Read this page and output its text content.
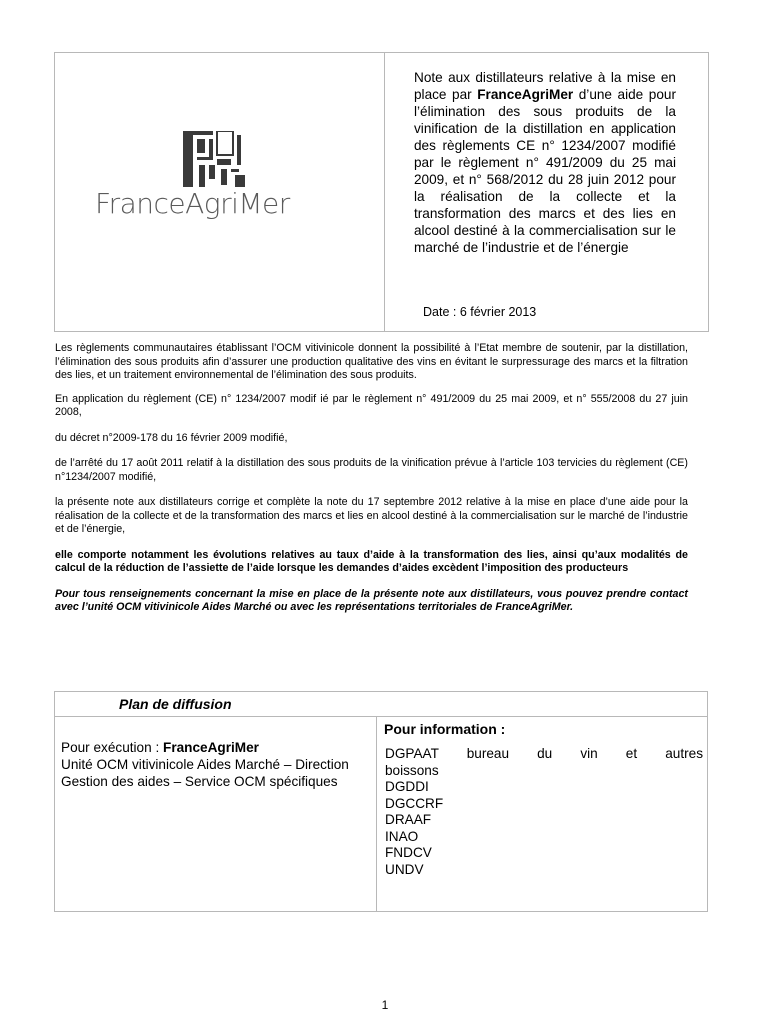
FranceAgriMer
Note aux distillateurs relative à la mise en place par FranceAgriMer d’une aide pour l’élimination des sous produits de la vinification de la distillation en application des règlements CE n° 1234/2007 modifié par le règlement n° 491/2009 du 25 mai 2009, et n° 568/2012 du 28 juin 2012 pour la réalisation de la collecte et la transformation des marcs et des lies en alcool destiné à la commercialisation sur le marché de l’industrie et de l’énergie
Date : 6 février 2013

Les règlements communautaires établissant l’OCM vitivinicole donnent la possibilité à l’Etat membre de soutenir, par la distillation, l’élimination des sous produits afin d’assurer une production qualitative des vins en évitant le surpressurage des marcs et la filtration des lies, et un traitement environnemental de l’élimination des sous produits.

En application du règlement (CE) n° 1234/2007 modif ié par le règlement n° 491/2009 du 25 mai 2009, et n° 555/2008 du 27 juin 2008,

du décret n°2009-178 du 16 février 2009 modifié,

de l’arrêté du 17 août 2011 relatif à la distillation des sous produits de la vinification prévue à l’article 103 tervicies du règlement (CE) n°1234/2007 modifié,

la présente note aux distillateurs corrige et complète la note du 17 septembre 2012 relative à la mise en place d’une aide pour la réalisation de la collecte et de la transformation des marcs et lies en alcool destiné à la commercialisation sur le marché de l’industrie et de l’énergie,

elle comporte notamment les évolutions relatives au taux d’aide à la transformation des lies, ainsi qu’aux modalités de calcul de la réduction de l’assiette de l’aide lorsque les demandes d’aides excèdent l’imposition des producteurs

Pour tous renseignements concernant la mise en place de la présente note aux distillateurs, vous pouvez prendre contact avec l’unité OCM vitivinicole Aides Marché ou avec les représentations territoriales de FranceAgriMer.

Plan de diffusion
Pour exécution : FranceAgriMer
Unité OCM vitivinicole Aides Marché – Direction Gestion des aides – Service OCM spécifiques
Pour information :
DGPAAT bureau du vin et autres
boissons
DGDDI
DGCCRF
DRAAF
INAO
FNDCV
UNDV
1
